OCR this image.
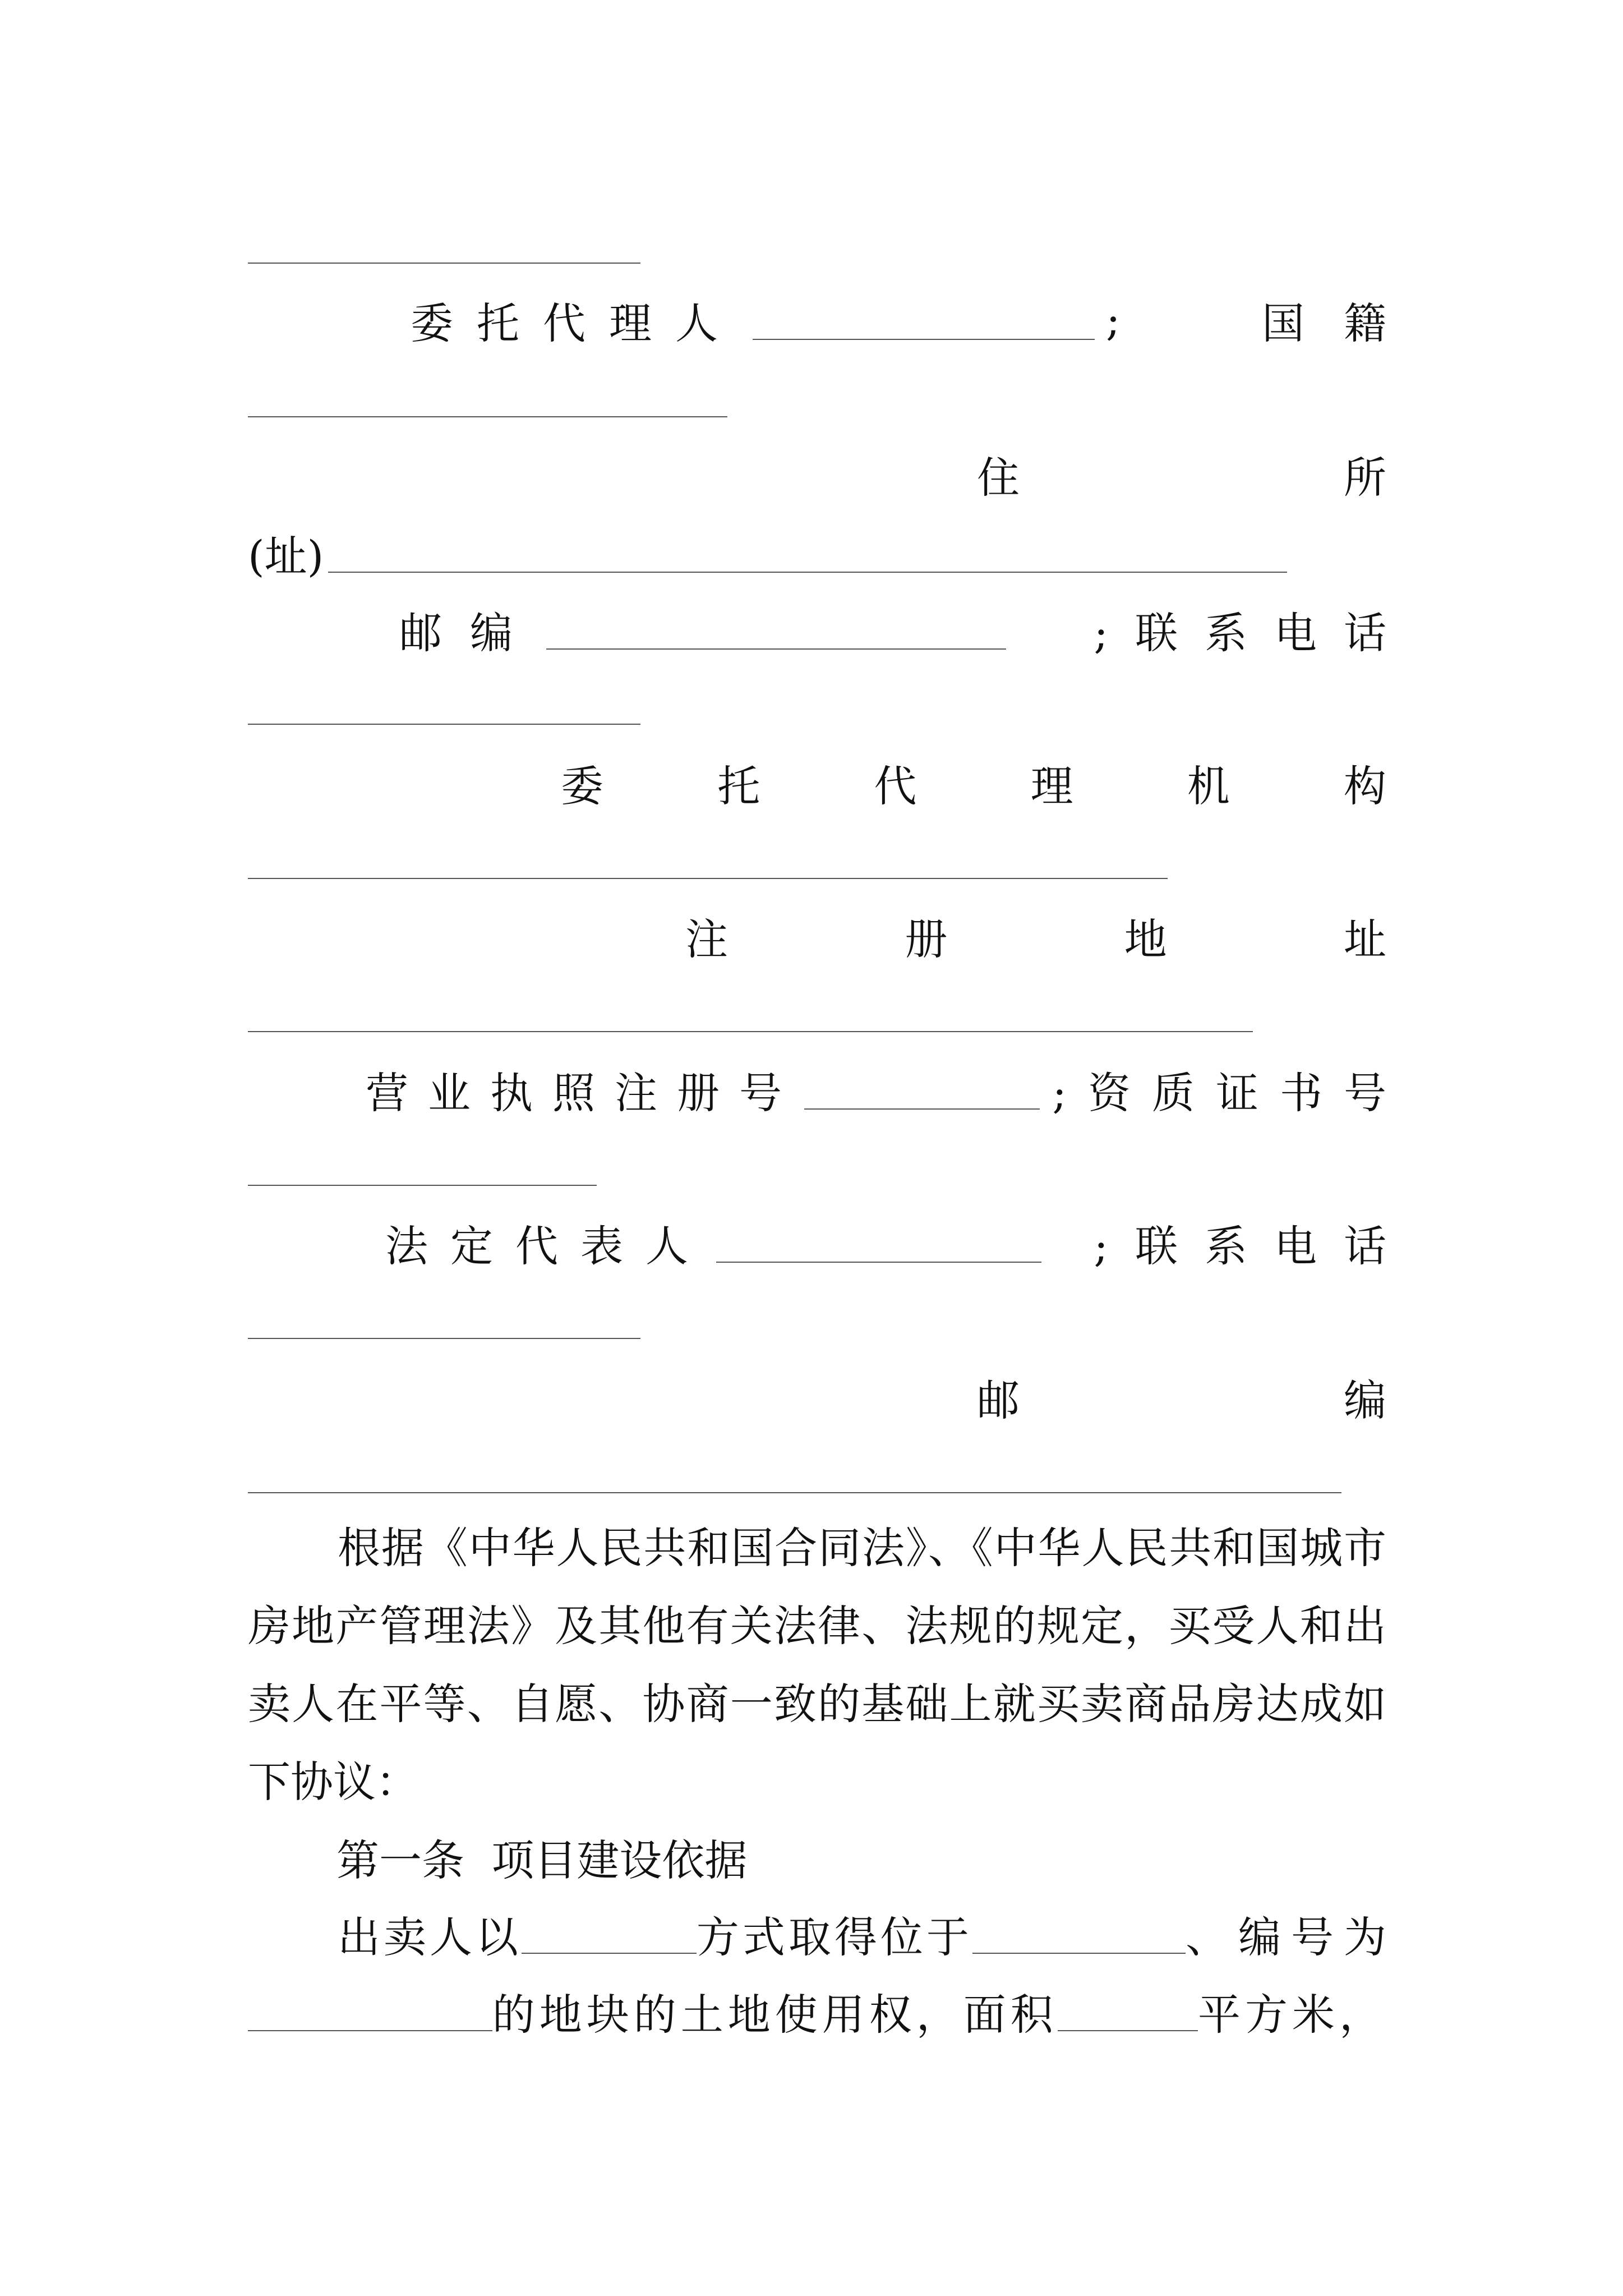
委托代理人	;	国籍
住	所
(址)
邮编	;联系电话
委	托	代	理	机	构
注	册	地	址
营业执照注册号	;资质证书号
法定代表人	;联系电话
邮	编
根据《中华人民共和国合同法》、《中华人民共和国城市房地产管理法》及其他有关法律、法规的规定，买受人和出卖人在平等、自愿、协商一致的基础上就买卖商品房达成如下协议：
第一条  项目建设依据
出卖人以	方式取得位于	、编号为
的地块的土地使用权，面积	平方米，
